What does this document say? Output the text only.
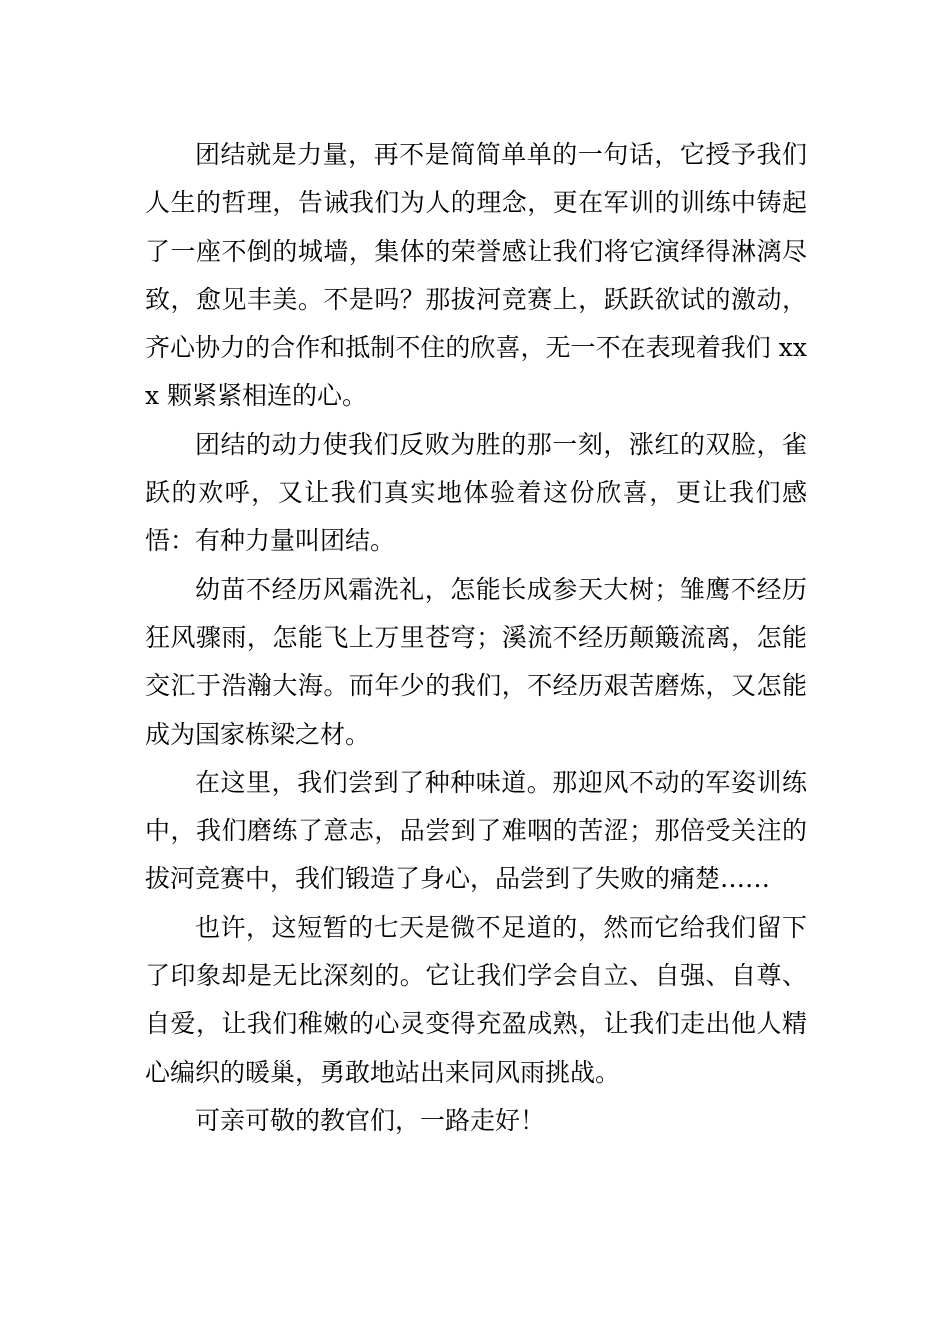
团结就是力量，再不是简简单单的一句话，它授予我们人生的哲理，告诫我们为人的理念，更在军训的训练中铸起了一座不倒的城墙，集体的荣誉感让我们将它演绎得淋漓尽致，愈见丰美。不是吗？那拔河竞赛上，跃跃欲试的激动，齐心协力的合作和抵制不住的欣喜，无一不在表现着我们 xxx 颗紧紧相连的心。

团结的动力使我们反败为胜的那一刻，涨红的双脸，雀跃的欢呼，又让我们真实地体验着这份欣喜，更让我们感悟：有种力量叫团结。

幼苗不经历风霜洗礼，怎能长成参天大树；雏鹰不经历狂风骤雨，怎能飞上万里苍穹；溪流不经历颠簸流离，怎能交汇于浩瀚大海。而年少的我们，不经历艰苦磨炼，又怎能成为国家栋梁之材。

在这里，我们尝到了种种味道。那迎风不动的军姿训练中，我们磨练了意志，品尝到了难咽的苦涩；那倍受关注的拔河竞赛中，我们锻造了身心，品尝到了失败的痛楚……

也许，这短暂的七天是微不足道的，然而它给我们留下了印象却是无比深刻的。它让我们学会自立、自强、自尊、自爱，让我们稚嫩的心灵变得充盈成熟，让我们走出他人精心编织的暖巢，勇敢地站出来同风雨挑战。

可亲可敬的教官们，一路走好！
